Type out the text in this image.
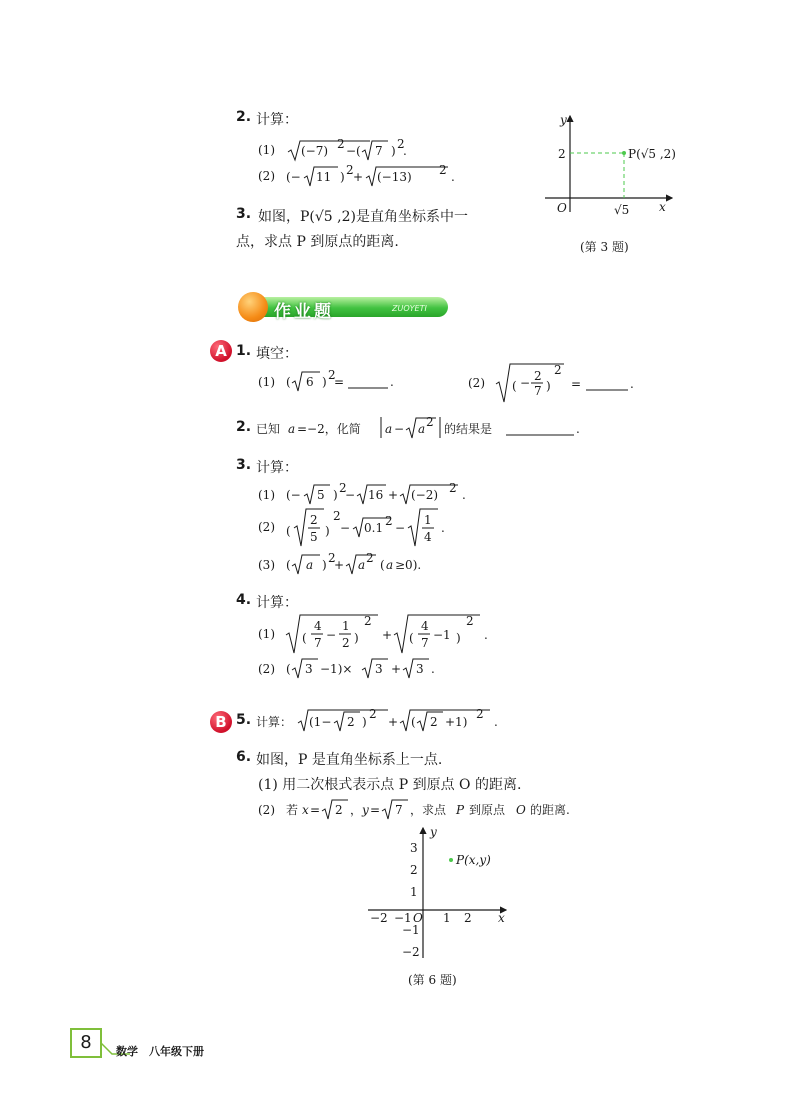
2. 计算：
(1) (−7) 2 −( 7 ) 2
.
(2) (− 11 ) 2 + (−13) 2 .
3. 如图，P(√5 ,2)是直角坐标系中一
点，求点 P 到原点的距离.
y
x
O
2
√5
P(√5 ,2)
(第 3 题)
作业题	ZUOYETI
A 1. 填空：
(1) ( 6 ) 2
=	.	(2) ( − 2
7 )
2
=	.
2. 已知 a =−2，化简 a − a 2 的结果是	.
3. 计算：
(1) (− 5 ) 2
− 16 + (−2) 2 .
(2) (
2
5 )
2
− 0.1 2 −
1
4
.
(3) ( a ) 2
+ a 2 ( a ≥0).
4. 计算：
(1) (
4
7
−
1
2 )
2
+ (
4
7
−1 )
2
.
(2) ( 3 −1)× 3 + 3 .
B 5. 计算： (1− 2 )
2
+ ( 2 +1)
2
.
6. 如图，P 是直角坐标系上一点.
(1) 用二次根式表示点 P 到原点 O 的距离.
(2) 若 x = 2 ， y = 7 ，求点 P 到原点 O 的距离.
P(x,y)
y
x
O
−2 −1	1 2
3
2
1
−1
−2
(第 6 题)
8	数学　八年级下册
